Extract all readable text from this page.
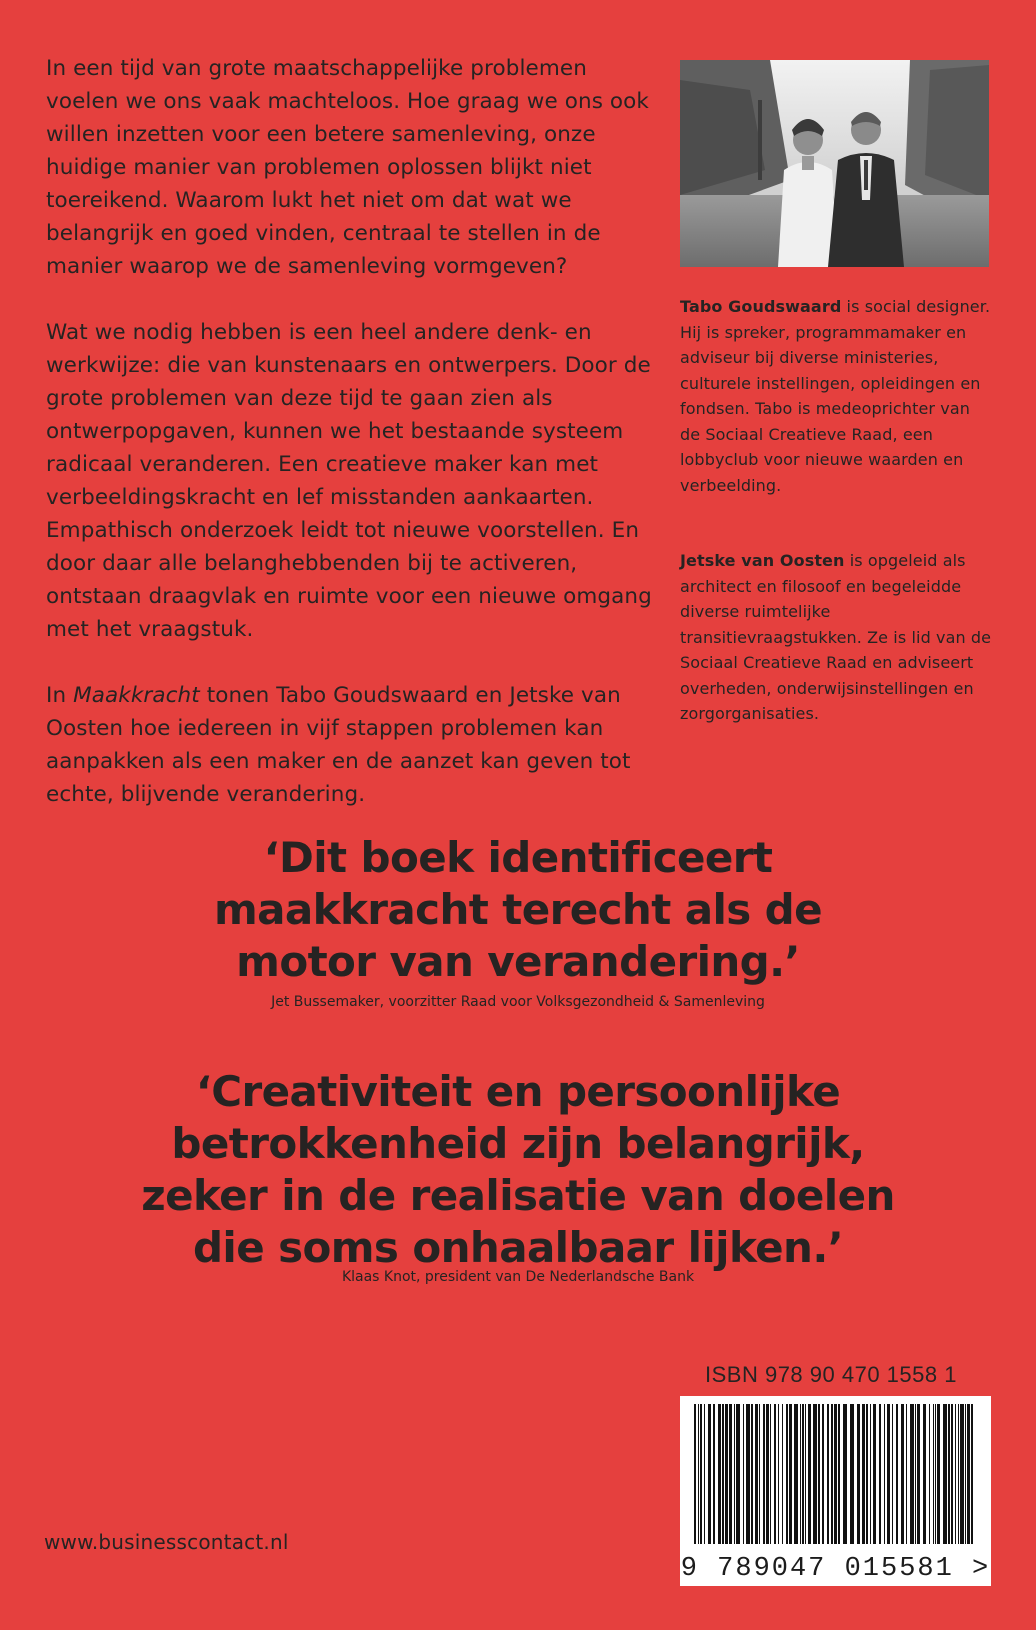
In een tijd van grote maatschappelijke problemen voelen we ons vaak machteloos. Hoe graag we ons ook willen inzetten voor een betere samenleving, onze huidige manier van problemen oplossen blijkt niet toereikend. Waarom lukt het niet om dat wat we belangrijk en goed vinden, centraal te stellen in de manier waarop we de samenleving vormgeven?

Wat we nodig hebben is een heel andere denk- en werkwijze: die van kunstenaars en ontwerpers. Door de grote problemen van deze tijd te gaan zien als ontwerpopgaven, kunnen we het bestaande systeem radicaal veranderen. Een creatieve maker kan met verbeeldingskracht en lef misstanden aankaarten. Empathisch onderzoek leidt tot nieuwe voorstellen. En door daar alle belanghebbenden bij te activeren, ontstaan draagvlak en ruimte voor een nieuwe omgang met het vraagstuk.

In Maakkracht tonen Tabo Goudswaard en Jetske van Oosten hoe iedereen in vijf stappen problemen kan aanpakken als een maker en de aanzet kan geven tot echte, blijvende verandering.

Tabo Goudswaard is social designer. Hij is spreker, programmamaker en adviseur bij diverse ministeries, culturele instellingen, opleidingen en fondsen. Tabo is medeoprichter van de Sociaal Creatieve Raad, een lobbyclub voor nieuwe waarden en verbeelding.
Jetske van Oosten is opgeleid als architect en filosoof en begeleidde diverse ruimtelijke transitievraagstukken. Ze is lid van de Sociaal Creatieve Raad en adviseert overheden, onderwijsinstellingen en zorgorganisaties.
‘Dit boek identificeert
maakkracht terecht als de
motor van verandering.’
Jet Bussemaker, voorzitter Raad voor Volksgezondheid & Samenleving
‘Creativiteit en persoonlijke
betrokkenheid zijn belangrijk,
zeker in de realisatie van doelen
die soms onhaalbaar lijken.’
Klaas Knot, president van De Nederlandsche Bank
ISBN 978 90 470 1558 1
9 789047 015581 >
www.businesscontact.nl
